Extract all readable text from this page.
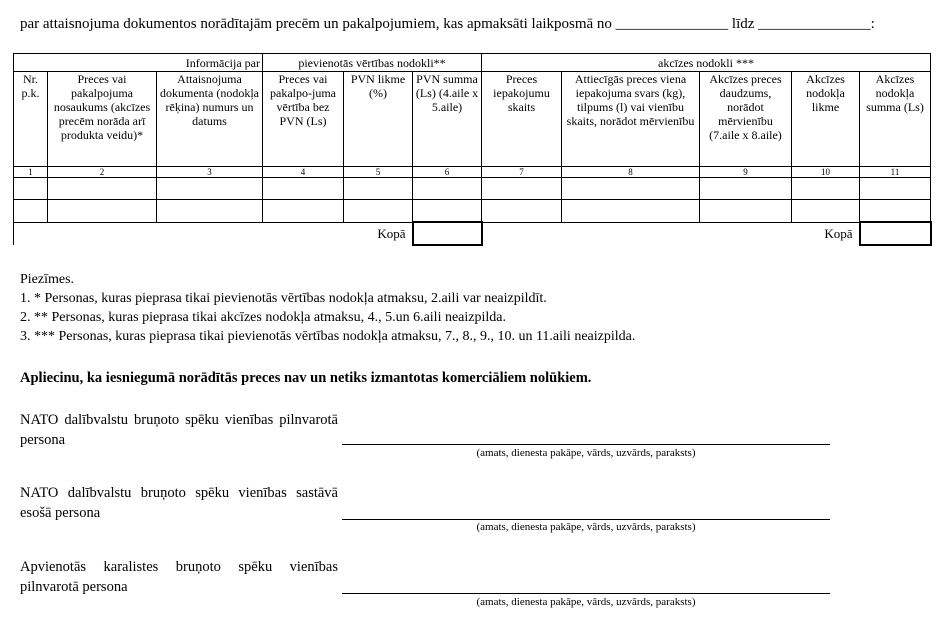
par attaisnojuma dokumentos norādītajām precēm un pakalpojumiem, kas apmaksāti laikposmā no _______________ līdz _______________:
Informācija par			pievienotās vērtības nodokli**			akcīzes nodokli ***				
Nr. p.k.	Preces vai pakalpojuma nosaukums (akcīzes precēm norāda arī produkta veidu)*	Attaisnojuma dokumenta (nodokļa rēķina) numurs un datums	Preces vai pakalpo-juma vērtība bez PVN (Ls)	PVN likme (%)	PVN summa (Ls) (4.aile x 5.aile)	Preces iepakojumu skaits	Attiecīgās preces viena iepakojuma svars (kg), tilpums (l) vai vienību skaits, norādot mērvienību	Akcīzes preces daudzums, norādot mērvienību (7.aile x 8.aile)	Akcīzes nodokļa likme	Akcīzes nodokļa summa (Ls)
1	2	3	4	5	6	7	8	9	10	11

Kopā						Kopā				

Piezīmes.
1. * Personas, kuras pieprasa tikai pievienotās vērtības nodokļa atmaksu, 2.aili var neaizpildīt.
2. ** Personas, kuras pieprasa tikai akcīzes nodokļa atmaksu, 4., 5.un 6.aili neaizpilda.
3. *** Personas, kuras pieprasa tikai pievienotās vērtības nodokļa atmaksu, 7., 8., 9., 10. un 11.aili neaizpilda.
Apliecinu, ka iesniegumā norādītās preces nav un netiks izmantotas komerciāliem nolūkiem.
NATO dalībvalstu bruņoto spēku vienības pilnvarotā persona
(amats, dienesta pakāpe, vārds, uzvārds, paraksts)
NATO dalībvalstu bruņoto spēku vienības sastāvā esošā persona
(amats, dienesta pakāpe, vārds, uzvārds, paraksts)
Apvienotās karalistes bruņoto spēku vienības pilnvarotā persona
(amats, dienesta pakāpe, vārds, uzvārds, paraksts)
